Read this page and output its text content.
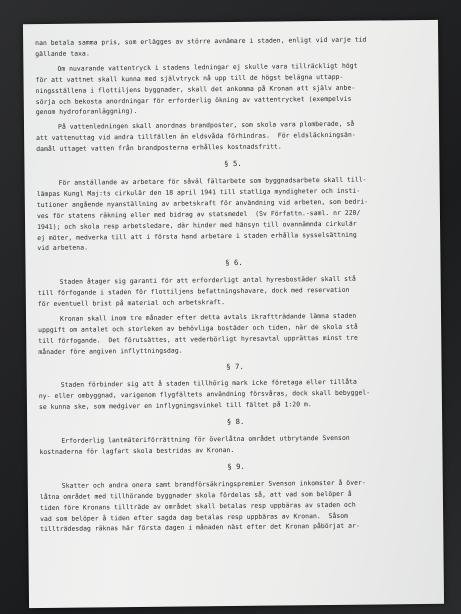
nan betala samma pris, som erlägges av större avnämare i staden, enligt vid varje tid
gällande taxa.

Om nuvarande vattentryck i stadens ledningar ej skulle vara tillräckligt högt
för att vattnet skall kunna med självtryck nå upp till de högst belägna uttapp-
ningsställena i flottiljens byggnader, skall det ankomma på Kronan att själv anbe-
sörja och bekosta anordningar för erforderlig ökning av vattentrycket (exempelvis
genom hydroforanläggning).

På vattenledningen skall anordnas brandposter, som skola vara plomberade, så
att vattenuttag vid andra tillfällen än eldsvåda förhindras.  För eldsläckningsän-
damål uttaget vatten från brandposterna erhålles kostnadsfritt.

§ 5.

För anställande av arbetare för såväl fältarbete som byggnadsarbete skall till-
lämpas Kungl Maj:ts cirkulär den 18 april 1941 till statliga myndigheter och insti-
tutioner angående nyanställning av arbetskraft för användning vid arbeten, som bedri-
ves för statens räkning eller med bidrag av statsmedel  (Sv Författn.-saml. nr 220/
1941); och skola resp arbetsledare, där hinder med hänsyn till ovannämnda cirkulär
ej möter, medverka till att i första hand arbetare i staden erhålla sysselsättning
vid arbetena.

§ 6.

Staden åtager sig garanti för att erforderligt antal hyresbostäder skall stå
till förfogande i staden för flottiljens befattningshavare, dock med reservation
för eventuell brist på material och arbetskraft.

Kronan skall inom tre månader efter detta avtals ikraftträdande lämna staden
uppgift om antalet och storleken av behövliga bostäder och tiden, när de skola stå
till förfogande.  Det förutsättes, att vederbörligt hyresavtal upprättas minst tre
månader före angiven inflyttningsdag.

§ 7.

Staden förbinder sig att å staden tillhörig mark icke företaga eller tillåta
ny- eller ombyggnad, varigenom flygfältets användning försvåras, dock skall bebyggel-
se kunna ske, som medgiver en inflygningsvinkel till fältet på 1:20 m.

§ 8.

Erforderlig lantmäteriförrättning för överlåtna området utbrytande Svenson
kostnaderna för lagfart skola bestridas av Kronan.

§ 9.

Skatter och andra onera samt brandförsäkringspremier Svenson inkomster å över-
låtna området med tillhörande byggnader skola fördelas så, att vad som belöper å
tiden före Kronans tillträde av området skall betalas resp uppbäras av staden och
vad som belöper å tiden efter sagda dag betalas resp uppbäras av Kronan.  Såsom
tillträdesdag räknas här första dagen i månaden näst efter det Kronan påbörjat ar-
